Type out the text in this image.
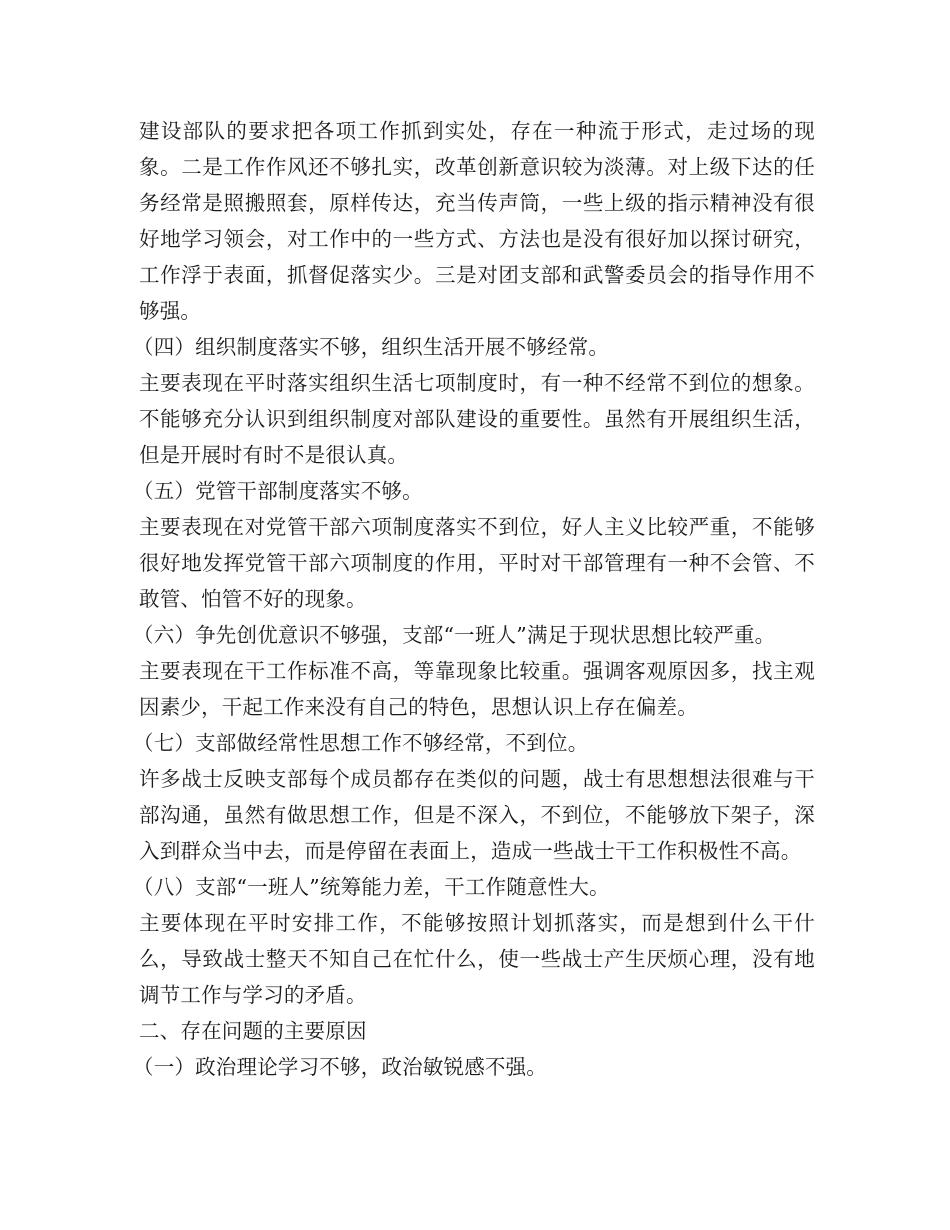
建设部队的要求把各项工作抓到实处，存在一种流于形式，走过场的现象。二是工作作风还不够扎实，改革创新意识较为淡薄。对上级下达的任务经常是照搬照套，原样传达，充当传声筒，一些上级的指示精神没有很好地学习领会，对工作中的一些方式、方法也是没有很好加以探讨研究，工作浮于表面，抓督促落实少。三是对团支部和武警委员会的指导作用不够强。

（四）组织制度落实不够，组织生活开展不够经常。

主要表现在平时落实组织生活七项制度时，有一种不经常不到位的想象。不能够充分认识到组织制度对部队建设的重要性。虽然有开展组织生活，但是开展时有时不是很认真。

（五）党管干部制度落实不够。

主要表现在对党管干部六项制度落实不到位，好人主义比较严重，不能够很好地发挥党管干部六项制度的作用，平时对干部管理有一种不会管、不敢管、怕管不好的现象。

（六）争先创优意识不够强，支部“一班人”满足于现状思想比较严重。

主要表现在干工作标准不高，等靠现象比较重。强调客观原因多，找主观因素少，干起工作来没有自己的特色，思想认识上存在偏差。

（七）支部做经常性思想工作不够经常，不到位。

许多战士反映支部每个成员都存在类似的问题，战士有思想想法很难与干部沟通，虽然有做思想工作，但是不深入，不到位，不能够放下架子，深入到群众当中去，而是停留在表面上，造成一些战士干工作积极性不高。

（八）支部“一班人”统筹能力差，干工作随意性大。

主要体现在平时安排工作，不能够按照计划抓落实，而是想到什么干什么，导致战士整天不知自己在忙什么，使一些战士产生厌烦心理，没有地调节工作与学习的矛盾。

二、存在问题的主要原因

（一）政治理论学习不够，政治敏锐感不强。
